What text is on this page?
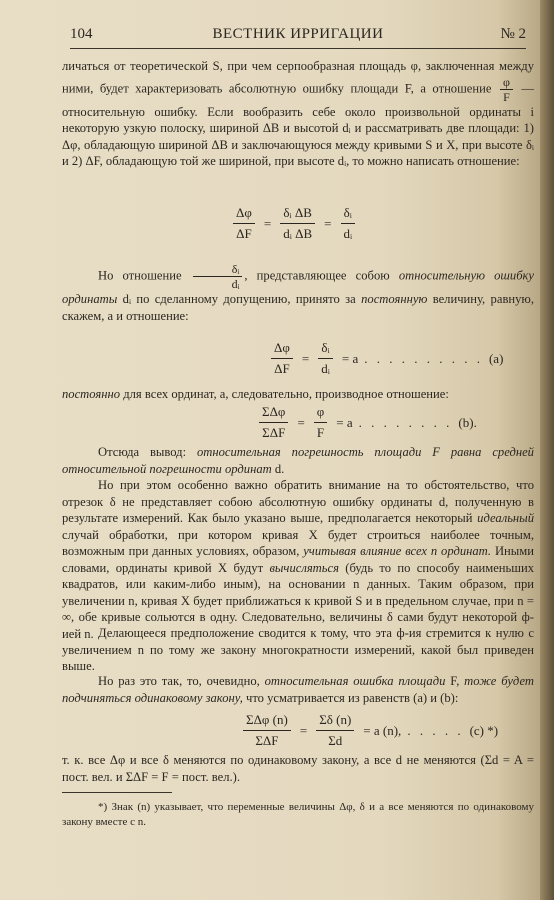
104	ВЕСТНИК ИРРИГАЦИИ	№ 2

личаться от теоретической S, при чем серпообразная площадь φ, заключенная между ними, будет характеризовать абсолютную ошибку площади F, а отношение $\frac{\varphi}{F}$ — относительную ошибку. Если вообразить себе около произвольной ординаты i некоторую узкую полоску, шириной ΔB и высотой dᵢ и рассматривать две площади: 1) Δφ, обладающую шириной ΔB и заключающуюся между кривыми S и X, при высоте δᵢ и 2) ΔF, обладающую той же шириной, при высоте dᵢ, то можно написать отношение:

$\frac{\Delta\varphi}{\Delta F} = \frac{\text{δᵢ ΔB}}{\text{dᵢ ΔB}} = \frac{\text{δᵢ}}{\text{dᵢ}}$

Но отношение $\frac{\text{δᵢ}}{\text{dᵢ}}$ , представляющее собою относительную ошибку ординаты dᵢ по сделанному допущению, принято за постоянную величину, равную, скажем, а и отношение:

$\frac{\Delta\varphi}{\Delta F} = \frac{\text{δᵢ}}{\text{dᵢ}} = a$ . . . . . . . . . . (a)

постоянно для всех ординат, а, следовательно, производное отношение:

$\frac{\text{ΣΔφ}}{\text{ΣΔF}} = \frac{\varphi}{F} = a$ . . . . . . . . (b).

Отсюда вывод: относительная погрешность площади F равна средней относительной погрешности ординат d.

Но при этом особенно важно обратить внимание на то обстоятельство, что отрезок δ не представляет собою абсолютную ошибку ординаты d, полученную в результате измерений. Как было указано выше, предполагается некоторый идеальный случай обработки, при котором кривая X будет строиться наиболее точным, возможным при данных условиях, образом, учитывая влияние всех n ординат. Иными словами, ординаты кривой X будут вычисляться (будь то по способу наименьших квадратов, или каким-либо иным), на основании n данных. Таким образом, при увеличении n, кривая X будет приближаться к кривой S и в предельном случае, при n = ∞, обе кривые сольются в одну. Следовательно, величины δ сами будут некоторой ф-ией n. Делающееся предположение сводится к тому, что эта ф-ия стремится к нулю с увеличением n по тому же закону многократности измерений, какой был приведен выше.

Но раз это так, то, очевидно, относительная ошибка площади F, тоже будет подчиняться одинаковому закону, что усматривается из равенств (a) и (b):

$\frac{\text{ΣΔφ (n)}}{\text{ΣΔF}} = \frac{\Sigma\delta (n)}{\Sigma d} = a$ (n), . . . . . (c) *)

т. к. все Δφ и все δ меняются по одинаковому закону, а все d не меняются (Σd = A = пост. вел. и ΣΔF = F = пост. вел.).

*) Знак (n) указывает, что переменные величины Δφ, δ и a все меняются по одинаковому закону вместе с n.
